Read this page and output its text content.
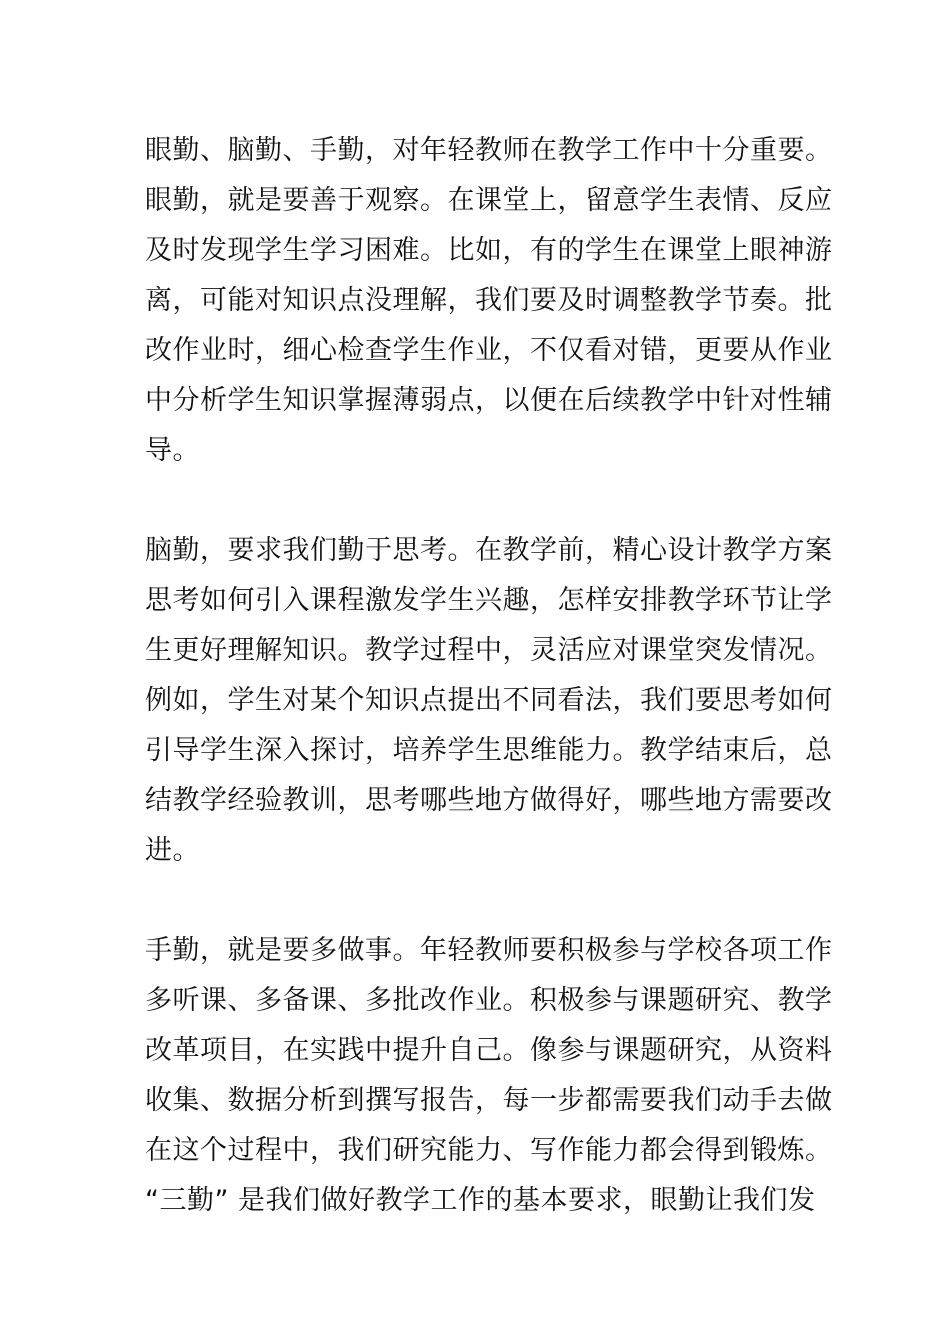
眼勤、脑勤、手勤，对年轻教师在教学工作中十分重要。
眼勤，就是要善于观察。在课堂上，留意学生表情、反应
及时发现学生学习困难。比如，有的学生在课堂上眼神游
离，可能对知识点没理解，我们要及时调整教学节奏。批
改作业时，细心检查学生作业，不仅看对错，更要从作业
中分析学生知识掌握薄弱点，以便在后续教学中针对性辅
导。
脑勤，要求我们勤于思考。在教学前，精心设计教学方案
思考如何引入课程激发学生兴趣，怎样安排教学环节让学
生更好理解知识。教学过程中，灵活应对课堂突发情况。
例如，学生对某个知识点提出不同看法，我们要思考如何
引导学生深入探讨，培养学生思维能力。教学结束后，总
结教学经验教训，思考哪些地方做得好，哪些地方需要改
进。
手勤，就是要多做事。年轻教师要积极参与学校各项工作
多听课、多备课、多批改作业。积极参与课题研究、教学
改革项目，在实践中提升自己。像参与课题研究，从资料
收集、数据分析到撰写报告，每一步都需要我们动手去做
在这个过程中，我们研究能力、写作能力都会得到锻炼。
“三勤” 是我们做好教学工作的基本要求，眼勤让我们发
